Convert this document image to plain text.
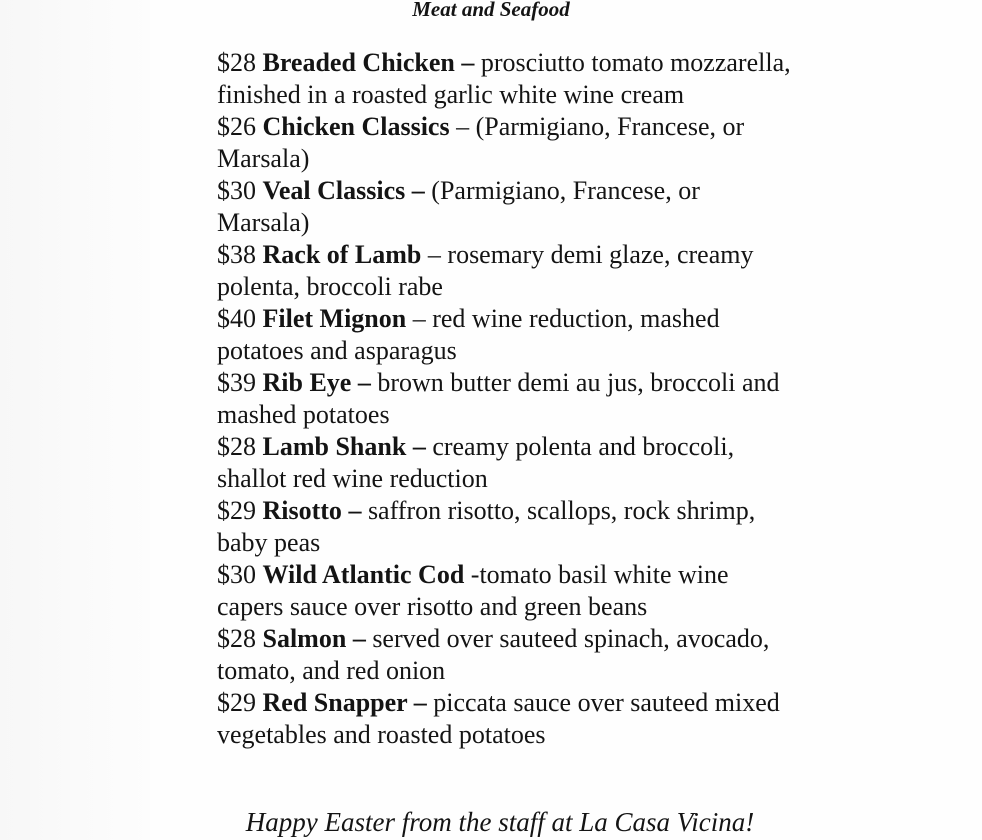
Meat and Seafood

$28 Breaded Chicken – prosciutto tomato mozzarella, finished in a roasted garlic white wine cream

$26 Chicken Classics – (Parmigiano, Francese, or Marsala)

$30 Veal Classics – (Parmigiano, Francese, or Marsala)

$38 Rack of Lamb – rosemary demi glaze, creamy polenta, broccoli rabe

$40 Filet Mignon – red wine reduction, mashed potatoes and asparagus

$39 Rib Eye – brown butter demi au jus, broccoli and mashed potatoes

$28 Lamb Shank – creamy polenta and broccoli, shallot red wine reduction

$29 Risotto – saffron risotto, scallops, rock shrimp, baby peas

$30 Wild Atlantic Cod -tomato basil white wine capers sauce over risotto and green beans

$28 Salmon – served over sauteed spinach, avocado, tomato, and red onion

$29 Red Snapper – piccata sauce over sauteed mixed vegetables and roasted potatoes

Happy Easter from the staff at La Casa Vicina!
